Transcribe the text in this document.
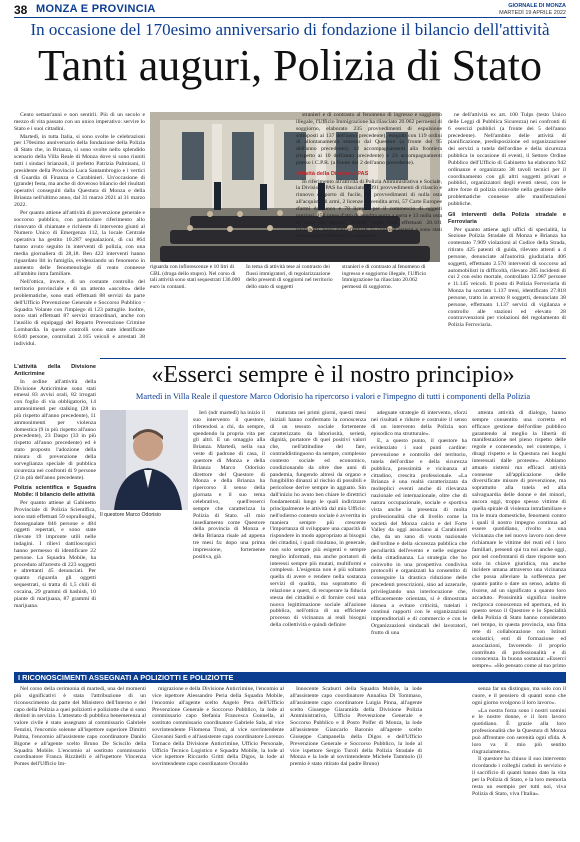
38 MONZA E PROVINCIA	GIORNALE DI MONZA
MARTEDÌ 19 APRILE 2022
In occasione del 170esimo anniversario di fondazione il bilancio dell'attività
Tanti auguri, Polizia di Stato

Cento settant'anni e non sentirli. Più di un secolo e mezzo di vita passato con un unico imperativo: servire lo Stato e i suoi cittadini.

Martedì, in tutta Italia, si sono svolte le celebrazioni per 170esimo anniversario della fondazione della Polizia di Stato che, in Brianza, si sono svolte nello splendido scenario della Villa Reale di Monza dove si sono riuniti tutti i sindaci brianzoli, il prefetto Patrizia Palmisani, il presidente della Provincia Luca Santambrogio e i vertici di Guardia di Finanza e Carabinieri. Un'occasione di (grande) festa, ma anche di doveroso bilancio del risultati operativi conseguiti dalla Questura di Monza e della Brianza nell'ultimo anno, dal 31 marzo 2021 al 31 marzo 2022.

Per quanto attiene all'attività di prevenzione generale e soccorso pubblico, con particolare riferimento allo rinnovato di chiamate e richieste di intervento giunti al Numero Unico di Emergenza 112, la locale Centrale operativa ha gestito 10.287 segnalazioni, di cui 864 hanno avuto seguito in interventi di polizia, con una media giornaliera di 28,18. Ben 422 interventi hanno riguardato liti in famiglia, evidenziando un fenomeno in aumento delle fenomenologie di reato connesse all'ambito intra familiare.

Nell'ottica, invece, di un costante controllo del territorio provinciale e di un attento «ascolto» delle problematiche, sono stati effettuati 88 servizi da parte dell'Ufficio Prevenzione Generale e Soccorso Pubblico - Squadra Volante con l'impiego di 123 pattuglie. Inoltre, sono stati effettuati 87 servizi straordinari, anche con l'ausilio di equipaggi del Reparto Prevenzione Crimine Lombardia. In queste controlli sono state identificate 8.640 persone, controllati 2.165 veicoli e arrestati 38 individui.

L'attività della Divisione Anticrimine

In ordine all'attività della Divisione Anticrimine sono stati emessi 83 avvisi orali, 82 irrogati con foglio di via obbligatorio, 14 ammonimenti per stalking (28 in più rispetto all'anno precedente), 11 ammonimenti per violenza domestica (9 in più rispetto all'anno precedente), 23 Daspo (33 in più rispetto all'anno precedente) ed è stato proposto l'adozione della misura di prevenzione della sorveglianza speciale di pubblica sicurezza nei confronti di 9 persone (2 in più dell'anno precedente).

Polizia scientifica e Squadra Mobile: il bilancio delle attività

Per quanto attiene al Gabinetto Provinciale di Polizia Scientifica, sono stati effettuati 59 sopralluoghi, fotosegnalate 846 persone e 484 oggetti repertati, e sono state rilevate 19 impronte utili nelle indagini. I rilievi dattiloscopici hanno permesso di identificare 22 persone. La Squadra Mobile, ha proceduto all'arresto di 223 soggetti e altrettanti 45 denunciati. Per quanto riguarda gli oggetti sequestrati, si tratta di 1,5 chili di cocaina, 29 grammi di hashish, 10 piante di marijuana, 87 grammi di marijuana.

riguarda con inflorescenze e 10 litri di GBL (droga dello stupro). Nel corso di tali attività sono stati sequestrati 130.000 euro in contanti.In tema di attività tese al contrasto dei flussi immigratori, di regolarizzazione dello presenti di soggiorni nel territorio dello stato di soggettistranieri e di contrasto al fenomeno di ingresso e soggiorno illegale, l'Ufficio Immigrazione ha rilasciato 20.062 permessi di soggiorno.

stranieri e di contrasto al fenomeno di ingresso e soggiorno illegale, l'Ufficio Immigrazione ha rilasciato 20.062 permessi di soggiorno, elaborato 235 provvedimenti di espulsione sottoposti ai 137 dell'anno precedente), eseguiti con 119 ordini di allontanamento emesso dal Questore (a fronte dei 95 dell'anno precedente), 12 accompagnamenti alla frontiera (rispetto ai 10 dell'anno precedente) e 23 accompagnamenti presso i C.P.R. (a fronte dei 2 dell'anno precedente).

Attività della Divisione PAS

In riferimento all'attività di Polizia Amministrativa e Sociale, la Divisione PAS ha rilasciato 1.091 provvedimenti di rilascio e rinnovo di porto di fucile, 16 provvedimenti di nulla osta all'acquisto di armi, 2 licenze di vendita armi, 57 Carte Europee d'armi da fuoco e 78 licenze per il commercio di oggetti preziosi, 158 prese d'atto di vendita porta a porta e 13 nulla osta al volo da diporto. Inoltre, sono stati effettuati 20.101 passaporti. Sono stati effettuati 15 controlli esterni e sono stati emessi provvedimenti di sospensio-

ne dell'attività ex art. 100 Tulps (testo Unico delle Leggi di Pubblica Sicurezza) nei confronti di 6 esercizi pubblici (a fronte dei 5 dell'anno precedente). Nell'ambito delle attività di pianificazione, predisposizione ed organizzazione dei servizi a tutela dell'ordine e della sicurezza pubblica in occasione di eventi, il Settore Ordine Pubblico dell'Ufficio di Gabinetto ha elaborato 942 ordinanze e organizzato 38 tavoli tecnici per il coordinamento con gli altri soggetti privati e pubblici, organizzatori degli eventi stessi, con le altre forze di polizia coinvolte nella gestione delle problematiche connesse alle manifestazioni pubbliche.

Gli interventi della Polizia stradale e Ferroviaria

Per quanto attiene agli uffici di specialità, la Sezione Polizia Stradale di Monza e Brianza ha contestato 7.909 violazioni al Codice della Strada, ritirato 425 patenti di guida, rilevato attenti a 4 persone, denunciate all'autorità giudiziaria 406 soggetti, effettuato 2.570 interventi di soccorso ad automobilisti in difficoltà, rilevato 285 incidenti di cui 2 con esito mortale, controllato 12.987 persone e 11.145 veicoli. Il posto di Polizia Ferroviaria di Monza ha scortato 1.137 treni, identificato 27.818 persone, tratto in arresto 8 soggetti, denunciato 38 persone, effettuato 1.137 servizi di vigilanza e controllo alle stazioni ed elevato 28 contravvenzioni per violazioni del regolamento di Polizia Ferroviaria.

«Esserci sempre è il nostro principio»
Martedì in Villa Reale il questore Marco Odorisio ha ripercorso i valori e l'impegno di tutti i componenti della Polizia
Il questore Marco Odorisio

Ieri (ndr martedì) ha inizio il suo intervento il questore, riferendosi a chi, da sempre, spendendo la propria vita per gli altri. E un omaggio alla Brianza. Martedì, nella sua veste di padrone di casa, il questore di Monza e della Brianza Marco Odorisio direttore del Questore di Monza e della Brianza ha ripercorso il senso della giornata e il suo tema celebrativo, quell'esserci sempre che caratterizza la Polizia di Stato. «Il mio insediamento come Questore della provincia di Monza e della Brianza risale ad appena tre mesi fa: dopo una prima impressione, fortemente positiva, già

maturata nei primi giorni, questi mesi iniziali hanno confermato la conoscenza di un tessuto sociale fortemente caratterizzato da laboriosità, serietà, dignità, portatore di quei positivi valori che, nell'attitudine del fare, contraddistinguono da sempre, complesso contesto sociale ed economico, condizionando da oltre due anni di pandemia, fungendo altresì da organo e fungibilito dinanzi al rischio di possibili e pericolose derive sempre in agguato. Sin dall'inizio ho avuto ben chiare le direttrici fondamentali lungo le quali indirizzare principalmente le attività dal mio Ufficio: nell'odierno contesto sociale è avvertita in maniera sempre più crescente l'importanza di sviluppare una capacità di rispondere in modo appropriato ai bisogni dei cittadini, i quali risultano, in generale, non solo sempre più esigenti e sempre meglio informati, ma anche portatori di interessi sempre più mutati, multiformi e complessi. L'esigenza non è più soltanto quella di avere e rendere nella sostanza servizi di qualità, ma soprattutto di relazione a quest, di recuperare la fiducia stessa dei cittadini e di fornire così una nuova legittimazione sociale all'azione pubblica, nell'ottica di un efficiente processo di vicinanza ai reali bisogni della collettività e quindi definire

adeguate strategie di intervento, sforzi nei risultati e ridurre e costruire il senso di un intervento della Polizia non episodico ma strutturale».

E, a questo punto, il questore ha evidenziato i suoi punti cardine: prevenzione e controllo del territorio, tutela dell'ordine e della sicurezza pubblica, prossimità e vicinanza al cittadino, crescita professionale. «La Brianza è una realtà caratterizzata da molteplici eventi anche di rilevanza nazionale ed internazionale, oltre che di natura occupazionale, sociale e sportiva vista anche la presenza di molta professionalità che di livello come la società del Monza calcio e del Forte Valley da oggi associano ai Carabinieri che, da un sano di vuota nazionale dell'ordine e della sicurezza pubblica che peculiarità dell'evento e nelle esigenze della cittadinanza. La strategia che ho coinvolto in una prospettiva condivisa protocolli e organizzati ha consentito di conseguire la drastica riduzione delle precedenti prescrizioni, sino ad azzerarle, privilegiando una interlocuzione che, efficacemente orientata, si è dimostrata idonea a evitare criticità, tutelati i continui rapporti con le organizzazioni imprenditoriali e di commercio e con le Organizzazioni sindacali del lavoratori, frutto di una

attenta attività di dialogo, hanno sempre consentito una corretta ed efficace gestione dell'ordine pubblico garantendo al meglio la libertà di manifestazione nel pieno rispetto delle regole e contenendo, nel contempo, i disagi rispetto e la Questura nei luoghi interessati dalle proteste». Abbiamo attuato sistemi ma efficaci attività connesse all'applicazione delle diversificate misure di prevenzione, ma soprattutto alla tutela ed alla salvaguardia delle donne e dei minori, ancora oggi, troppo spesso vittime di quella spirale di violenza intrafamiliare e tra le mura domestiche, fenomeni contro i quali il nostro impegno continua ad essere quotidiano, rivolto a una vicinanza che nel nuovo lavoro non deve richiamare le vittime dei reati ed i loro familiari, presenti qui tra noi anche oggi, pur nel confrontarsi di dare risposte non solo in chiave giuridica, ma anche incidere umana attraverso una vicinanza che possa alleviare la sofferenza per quanto patito o dare un senso, adatto di risorse, ad un significato a quanto loro accaduto. Prossimità significa inoltre reciproca conoscenza ed apertura, ed in questo senso il Questore e lo Specialità della Polizia di Stato hanno considerato nel tempo, in questa provincia, una fitta rete di collaborazione con Istituti scolastici, enti di formazione ed associazioni, favorendo il proprio contributo di professionalità e di conoscenza. In buona sostanza: «Esserci sempre». «Ho pensato come al tuo primo

I RICONOSCIMENTI ASSEGNATI A POLIZIOTTI E POLIZIOTTE

Nel corso della cerimonia di martedì, una del momenti più significativi è stata l'attribuzione di un riconoscimento da parte del Ministero dell'Interno e del capo della Polizia a quei poliziotti e poliziotte che si sono distinti in servizio. L'attestato di pubblica benemerenza al valore civile è stato assegnato al commissario Gabriele Fenzini, l'encomio solenne all'ispettore superiore Dimitri Palma, l'encomio all'assistente capo coordinatore Danilo Bigone e all'agente scelto Bruno De Sciscilo della Squadra Mobile. L'encomio al sostituto commissario coordinatore Franca Rizzitelli e all'ispettore Vincenza Pomes dell'Ufficio Im-

migrazione e della Divisione Anticrimine, l'encomio al vice ispettore Alessandro Peria della Squadra Mobile, l'encomio all'agente scelto Angelo Pera dell'Ufficio Prevenzione Generale e Soccorso Pubblico, la lode al commissario capo Stefania Francesca Gonnella, al sostituto commissario coordinatore Gabriele Sala, al vice sovrintendente Filomena Troni, al vice sovrintendente Giovanni Sardi e all'assistente capo coordinatore Lorenzo Tornaco della Divisione Anticrimine, Ufficio Personale, Ufficio Tecnico Logistico e Squadra Mobile, la lode al vice ispettore Riccardo Gritti della Digos, la lode al sovrintendente capo coordinatore Osvaldo

Innocente Scaburri della Squadra Mobile, la lode all'assistente capo coordinatore Annalisa Di Tommaso, all'assistente capo coordinatore Luigia Pinna, all'agente scelto Giuseppe Giaramida della Divisione Polizia Amministrativa, Ufficio Prevenzione Generale e Soccorso Pubblico e il Posto Polfer di Monza, la lode all'assistente Giancarlo Baronio all'agente scelto Giuseppe Campanella della Digos e dell'Ufficio Prevenzione Generale e Soccorso Pubblico, la lode al vice ispettore Sergio Turoli della Polizia Stradale di Monza e la lode al sovrintendente Michele Tammolo (il premio è stato ritirato dal padre Bruno)

senza far un distinguo, ma solo con il cuore, e il pensiero di quanti sono che ogni giorno svolgono il loro lavoro».

«La nostra forza sono i nostri uomini e le nostre donne, e il loro lavoro quotidiano. È grazie alla loro professionalità che la Questura di Monza può affrontare con serenità ogni sfida. A loro va il mio più sentito ringraziamento».

Il questore ha chiuso il suo intervento ricordando i colleghi caduti in servizio e il sacrificio di quanti hanno dato la vita per la Polizia di Stato, e la loro memoria resta un esempio per tutti noi, viva Polizia di Stato, viva l'Italia».
